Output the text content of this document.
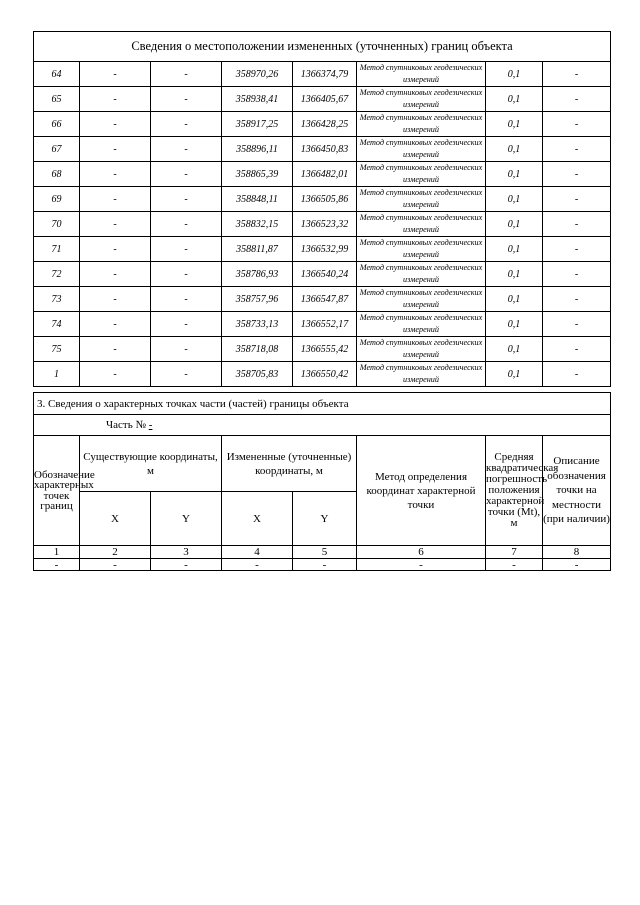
Сведения о местоположении измененных (уточненных) границ объекта							
64	-	-	358970,26	1366374,79	Метод спутниковых геодезических измерений	0,1	-
65	-	-	358938,41	1366405,67	Метод спутниковых геодезических измерений	0,1	-
66	-	-	358917,25	1366428,25	Метод спутниковых геодезических измерений	0,1	-
67	-	-	358896,11	1366450,83	Метод спутниковых геодезических измерений	0,1	-
68	-	-	358865,39	1366482,01	Метод спутниковых геодезических измерений	0,1	-
69	-	-	358848,11	1366505,86	Метод спутниковых геодезических измерений	0,1	-
70	-	-	358832,15	1366523,32	Метод спутниковых геодезических измерений	0,1	-
71	-	-	358811,87	1366532,99	Метод спутниковых геодезических измерений	0,1	-
72	-	-	358786,93	1366540,24	Метод спутниковых геодезических измерений	0,1	-
73	-	-	358757,96	1366547,87	Метод спутниковых геодезических измерений	0,1	-
74	-	-	358733,13	1366552,17	Метод спутниковых геодезических измерений	0,1	-
75	-	-	358718,08	1366555,42	Метод спутниковых геодезических измерений	0,1	-
1	-	-	358705,83	1366550,42	Метод спутниковых геодезических измерений	0,1	-
3. Сведения о характерных точках части (частей) границы объекта							
Часть № -							
Обозначение характерных точек границ	Существующие координаты, м		Измененные (уточненные) координаты, м		Метод определения координат характерной точки	Средняя квадратическая погрешность положения характерной точки (Mt), м	Описание обозначения точки на местности (при наличии)
	X	Y	X	Y			
1	2	3	4	5	6	7	8
-	-	-	-	-	-	-	-
